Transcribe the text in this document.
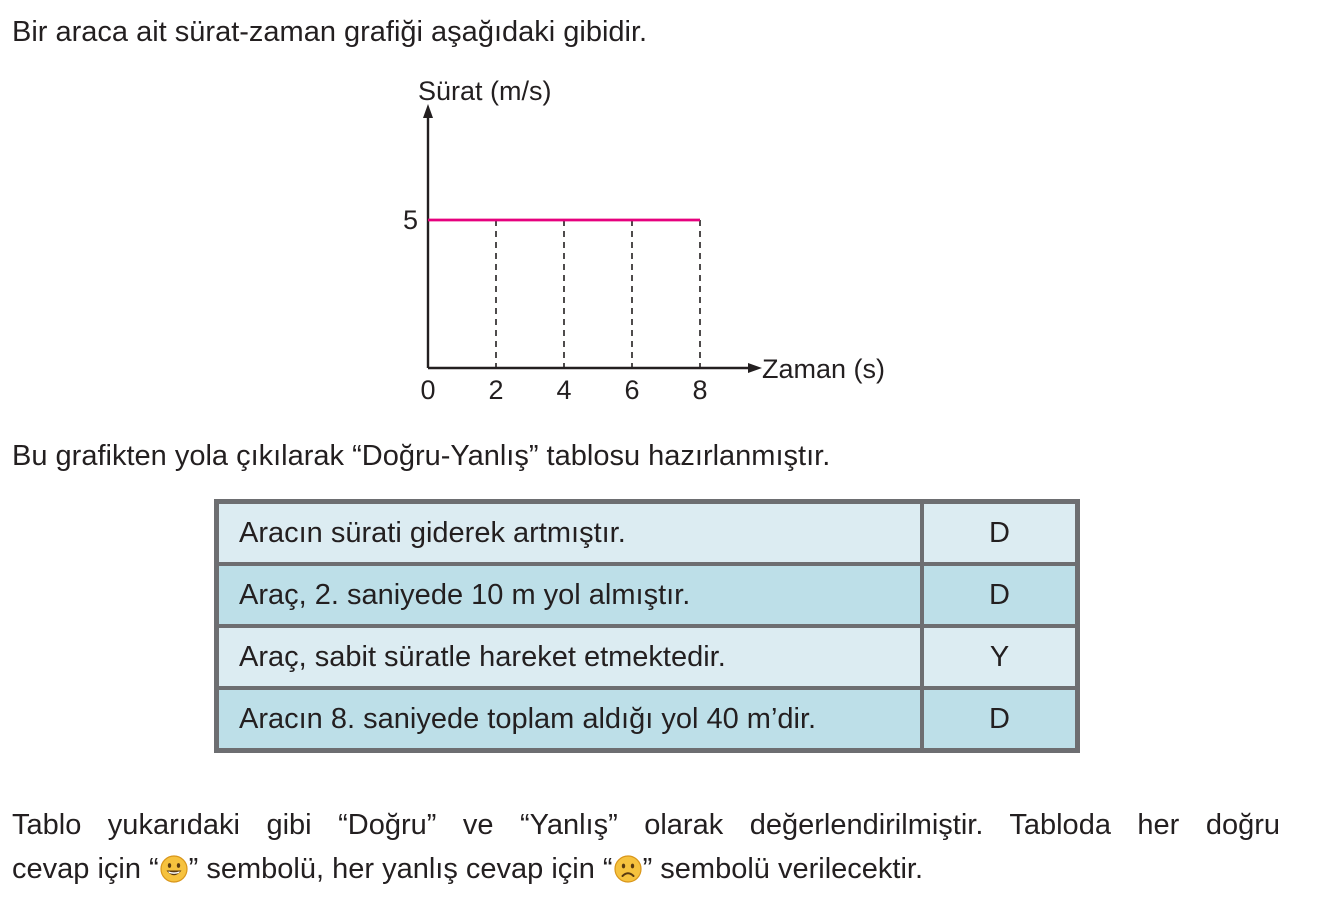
Bir araca ait sürat-zaman grafiği aşağıdaki gibidir.
0 2 4 6 8
5
Sürat (m/s)
Zaman (s)
Bu grafikten yola çıkılarak “Doğru-Yanlış” tablosu hazırlanmıştır.
Aracın sürati giderek artmıştır.	D
Araç, 2. saniyede 10 m yol almıştır.	D
Araç, sabit süratle hareket etmektedir.	Y
Aracın 8. saniyede toplam aldığı yol 40 m’dir.	D
Tablo yukarıdaki gibi “Doğru” ve “Yanlış” olarak değerlendirilmiştir. Tabloda her doğru
cevap için “ ” sembolü, her yanlış cevap için “ ” sembolü verilecektir.
